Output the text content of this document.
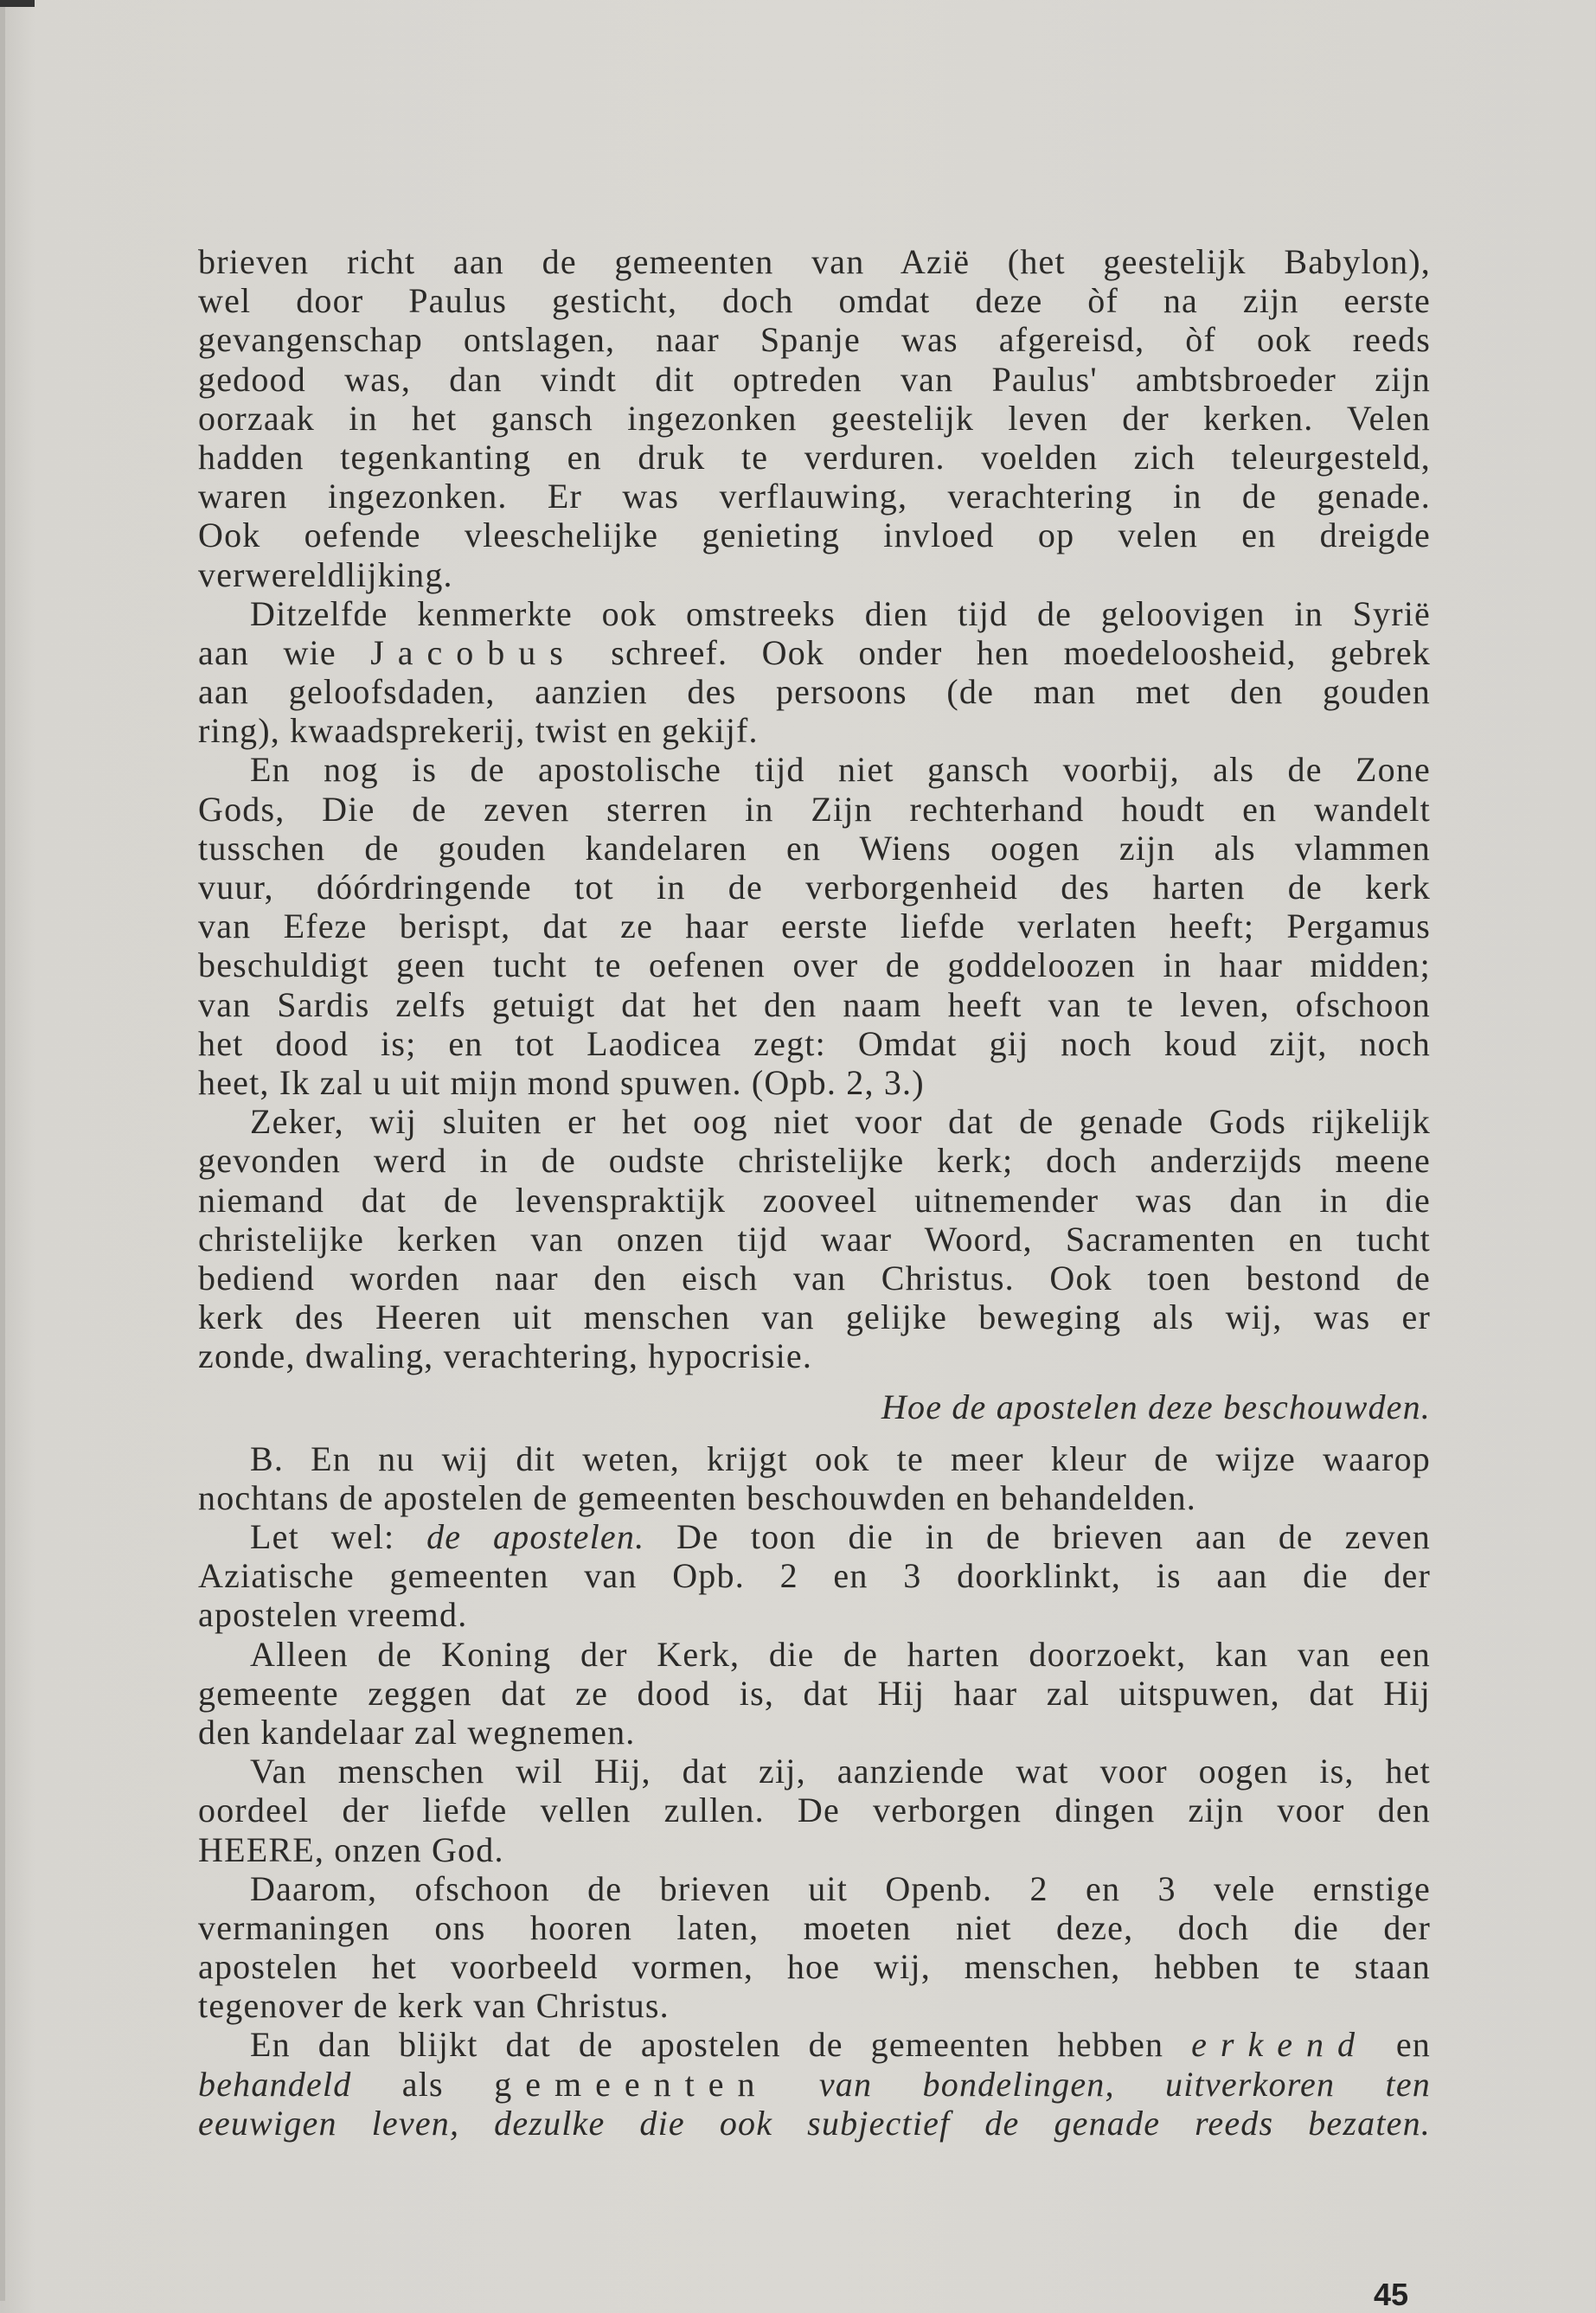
brieven richt aan de gemeenten van Azië (het geestelijk Babylon),
wel door Paulus gesticht, doch omdat deze òf na zijn eerste
gevangenschap ontslagen, naar Spanje was afgereisd, òf ook reeds
gedood was, dan vindt dit optreden van Paulus' ambtsbroeder zijn
oorzaak in het gansch ingezonken geestelijk leven der kerken. Velen
hadden tegenkanting en druk te verduren. voelden zich teleurgesteld,
waren ingezonken. Er was verflauwing, verachtering in de genade.
Ook oefende vleeschelijke genieting invloed op velen en dreigde
verwereldlijking.
Ditzelfde kenmerkte ook omstreeks dien tijd de geloovigen in Syrië
aan wie Jacobus schreef. Ook onder hen moedeloosheid, gebrek
aan geloofsdaden, aanzien des persoons (de man met den gouden
ring), kwaadsprekerij, twist en gekijf.
En nog is de apostolische tijd niet gansch voorbij, als de Zone
Gods, Die de zeven sterren in Zijn rechterhand houdt en wandelt
tusschen de gouden kandelaren en Wiens oogen zijn als vlammen
vuur, dóórdringende tot in de verborgenheid des harten de kerk
van Efeze berispt, dat ze haar eerste liefde verlaten heeft; Pergamus
beschuldigt geen tucht te oefenen over de goddeloozen in haar midden;
van Sardis zelfs getuigt dat het den naam heeft van te leven, ofschoon
het dood is; en tot Laodicea zegt: Omdat gij noch koud zijt, noch
heet, Ik zal u uit mijn mond spuwen. (Opb. 2, 3.)
Zeker, wij sluiten er het oog niet voor dat de genade Gods rijkelijk
gevonden werd in de oudste christelijke kerk; doch anderzijds meene
niemand dat de levenspraktijk zooveel uitnemender was dan in die
christelijke kerken van onzen tijd waar Woord, Sacramenten en tucht
bediend worden naar den eisch van Christus. Ook toen bestond de
kerk des Heeren uit menschen van gelijke beweging als wij, was er
zonde, dwaling, verachtering, hypocrisie.
Hoe de apostelen deze beschouwden.
B. En nu wij dit weten, krijgt ook te meer kleur de wijze waarop
nochtans de apostelen de gemeenten beschouwden en behandelden.
Let wel: de apostelen. De toon die in de brieven aan de zeven
Aziatische gemeenten van Opb. 2 en 3 doorklinkt, is aan die der
apostelen vreemd.
Alleen de Koning der Kerk, die de harten doorzoekt, kan van een
gemeente zeggen dat ze dood is, dat Hij haar zal uitspuwen, dat Hij
den kandelaar zal wegnemen.
Van menschen wil Hij, dat zij, aanziende wat voor oogen is, het
oordeel der liefde vellen zullen. De verborgen dingen zijn voor den
HEERE, onzen God.
Daarom, ofschoon de brieven uit Openb. 2 en 3 vele ernstige
vermaningen ons hooren laten, moeten niet deze, doch die der
apostelen het voorbeeld vormen, hoe wij, menschen, hebben te staan
tegenover de kerk van Christus.
En dan blijkt dat de apostelen de gemeenten hebben erkend en
behandeld als gemeenten van bondelingen, uitverkoren ten
eeuwigen leven, dezulke die ook subjectief de genade reeds bezaten.
45
